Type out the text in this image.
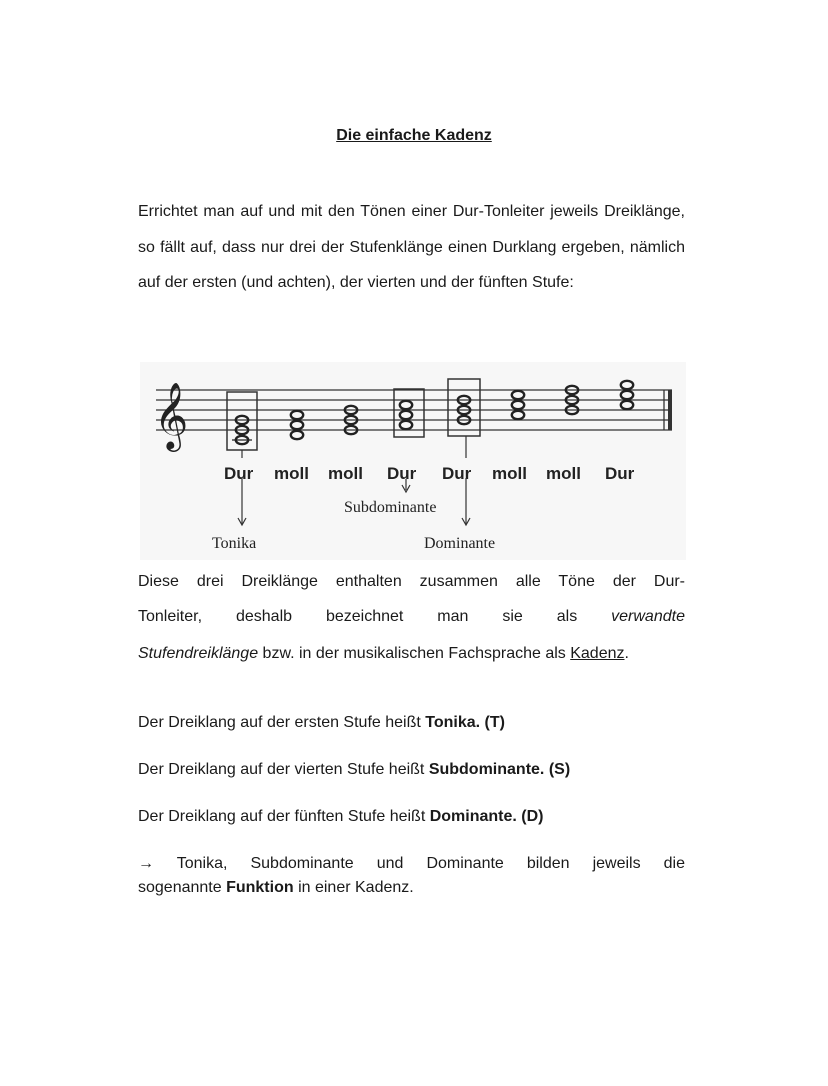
Die einfache Kadenz
Errichtet man auf und mit den Tönen einer Dur-Tonleiter jeweils Dreiklänge, so fällt auf, dass nur drei der Stufenklänge einen Durklang ergeben, nämlich auf der ersten (und achten), der vierten und der fünften Stufe:
𝄞
Dur moll moll Dur Dur moll moll Dur
Tonika
Subdominante
Dominante
Diese drei Dreiklänge enthalten zusammen alle Töne der Dur-
Tonleiter, deshalb bezeichnet man sie als verwandte
Stufendreiklänge bzw. in der musikalischen Fachsprache als Kadenz.
Der Dreiklang auf der ersten Stufe heißt Tonika. (T)
Der Dreiklang auf der vierten Stufe heißt Subdominante. (S)
Der Dreiklang auf der fünften Stufe heißt Dominante. (D)
→ Tonika, Subdominante und Dominante bilden jeweils die
sogenannte Funktion in einer Kadenz.
